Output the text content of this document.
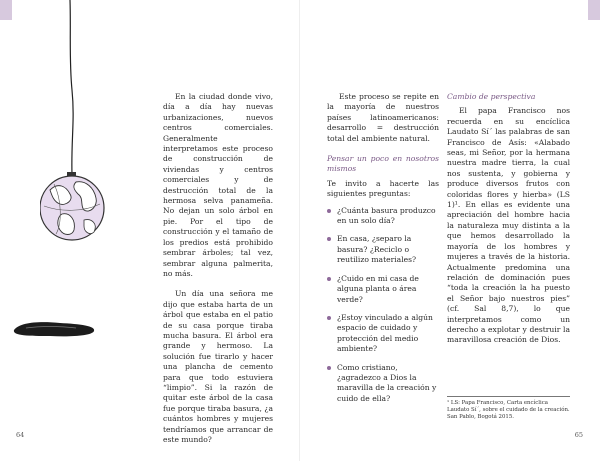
En la ciudad donde vivo, día a día hay nuevas urbanizaciones, nuevos centros comerciales. Generalmente interpretamos este proceso de construcción de viviendas y centros comerciales y de destrucción total de la hermosa selva panameña. No dejan un solo árbol en pie. Por el tipo de construcción y el tamaño de los predios está prohibido sembrar árboles; tal vez, sembrar alguna palmerita, no más.

Un día una señora me dijo que estaba harta de un árbol que estaba en el patio de su casa porque tiraba mucha basura. El árbol era grande y hermoso. La solución fue tirarlo y hacer una plancha de cemento para que todo estuviera “limpio”. Si la razón de quitar este árbol de la casa fue porque tiraba basura, ¿a cuántos hombres y mujeres tendríamos que arrancar de este mundo?

Este proceso se repite en la mayoría de nuestros países latinoamericanos: desarrollo = destrucción total del ambiente natural.

Pensar un poco en nosotros mismos

Te invito a hacerte las siguientes preguntas:

¿Cuánta basura produzco en un solo día?
En casa, ¿separo la basura? ¿Reciclo o reutilizo materiales?
¿Cuido en mi casa de alguna planta o área verde?
¿Estoy vinculado a algún espacio de cuidado y protección del medio ambiente?
Como cristiano, ¿agradezco a Dios la maravilla de la creación y cuido de ella?

Cambio de perspectiva

El papa Francisco nos recuerda en su encíclica Laudato Sí´ las palabras de san Francisco de Asís: «Alabado seas, mi Señor, por la hermana nuestra madre tierra, la cual nos sustenta, y gobierna y produce diversos frutos con coloridas flores y hierba» (LS 1)¹. En ellas es evidente una apreciación del hombre hacia la naturaleza muy distinta a la que hemos desarrollado la mayoría de los hombres y mujeres a través de la historia. Actualmente predomina una relación de dominación pues “toda la creación la ha puesto el Señor bajo nuestros pies” (cf. Sal 8,7), lo que interpretamos como un derecho a explotar y destruir la maravillosa creación de Dios.

¹ LS: Papa Francisco, Carta encíclica Laudato Sí´, sobre el cuidado de la creación. San Pablo, Bogotá 2015.
64	65
